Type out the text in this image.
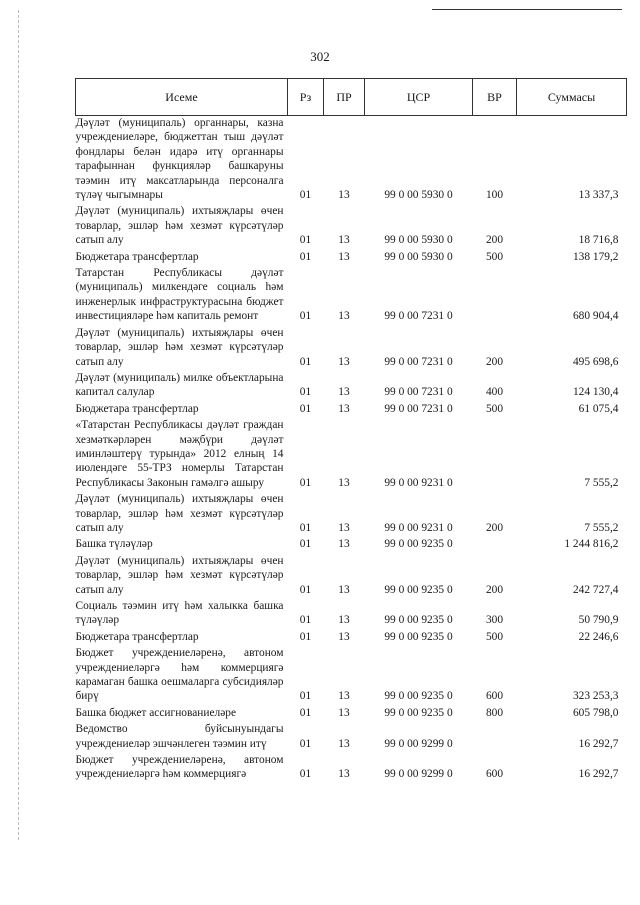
302
Исеме	Рз	ПР	ЦСР	ВР	Суммасы
Дәүләт (муниципаль) органнары, казна учреждениеләре, бюджеттан тыш дәүләт фондлары белән идарә итү органнары тарафыннан функцияләр башкаруны тәэмин итү максатларында персоналга түләү чыгымнары	01	13	99 0 00 5930 0	100	13 337,3
Дәүләт (муниципаль) ихтыяҗлары өчен товарлар, эшләр һәм хезмәт күрсәтүләр сатып алу	01	13	99 0 00 5930 0	200	18 716,8
Бюджетара трансфертлар	01	13	99 0 00 5930 0	500	138 179,2
Татарстан Республикасы дәүләт (муниципаль) милкендәге социаль һәм инженерлык инфраструктурасына бюджет инвестицияләре һәм капиталь ремонт	01	13	99 0 00 7231 0		680 904,4
Дәүләт (муниципаль) ихтыяҗлары өчен товарлар, эшләр һәм хезмәт күрсәтүләр сатып алу	01	13	99 0 00 7231 0	200	495 698,6
Дәүләт (муниципаль) милке объектларына капитал салулар	01	13	99 0 00 7231 0	400	124 130,4
Бюджетара трансфертлар	01	13	99 0 00 7231 0	500	61 075,4
«Татарстан Республикасы дәүләт граждан хезмәткәрләрен мәҗбүри дәүләт иминләштерү турында» 2012 елның 14 июлендәге 55-ТРЗ номерлы Татарстан Республикасы Законын гамәлгә ашыру	01	13	99 0 00 9231 0		7 555,2
Дәүләт (муниципаль) ихтыяҗлары өчен товарлар, эшләр һәм хезмәт күрсәтүләр сатып алу	01	13	99 0 00 9231 0	200	7 555,2
Башка түләүләр	01	13	99 0 00 9235 0		1 244 816,2
Дәүләт (муниципаль) ихтыяҗлары өчен товарлар, эшләр һәм хезмәт күрсәтүләр сатып алу	01	13	99 0 00 9235 0	200	242 727,4
Социаль тәэмин итү һәм халыкка башка түләүләр	01	13	99 0 00 9235 0	300	50 790,9
Бюджетара трансфертлар	01	13	99 0 00 9235 0	500	22 246,6
Бюджет учреждениеләренә, автоном учреждениеләргә һәм коммерциягә карамаган башка оешмаларга субсидияләр бирү	01	13	99 0 00 9235 0	600	323 253,3
Башка бюджет ассигнованиеләре	01	13	99 0 00 9235 0	800	605 798,0
Ведомство буйсынуындагы учреждениеләр эшчәнлеген тәэмин итү	01	13	99 0 00 9299 0		16 292,7
Бюджет учреждениеләренә, автоном учреждениеләргә һәм коммерциягә	01	13	99 0 00 9299 0	600	16 292,7
